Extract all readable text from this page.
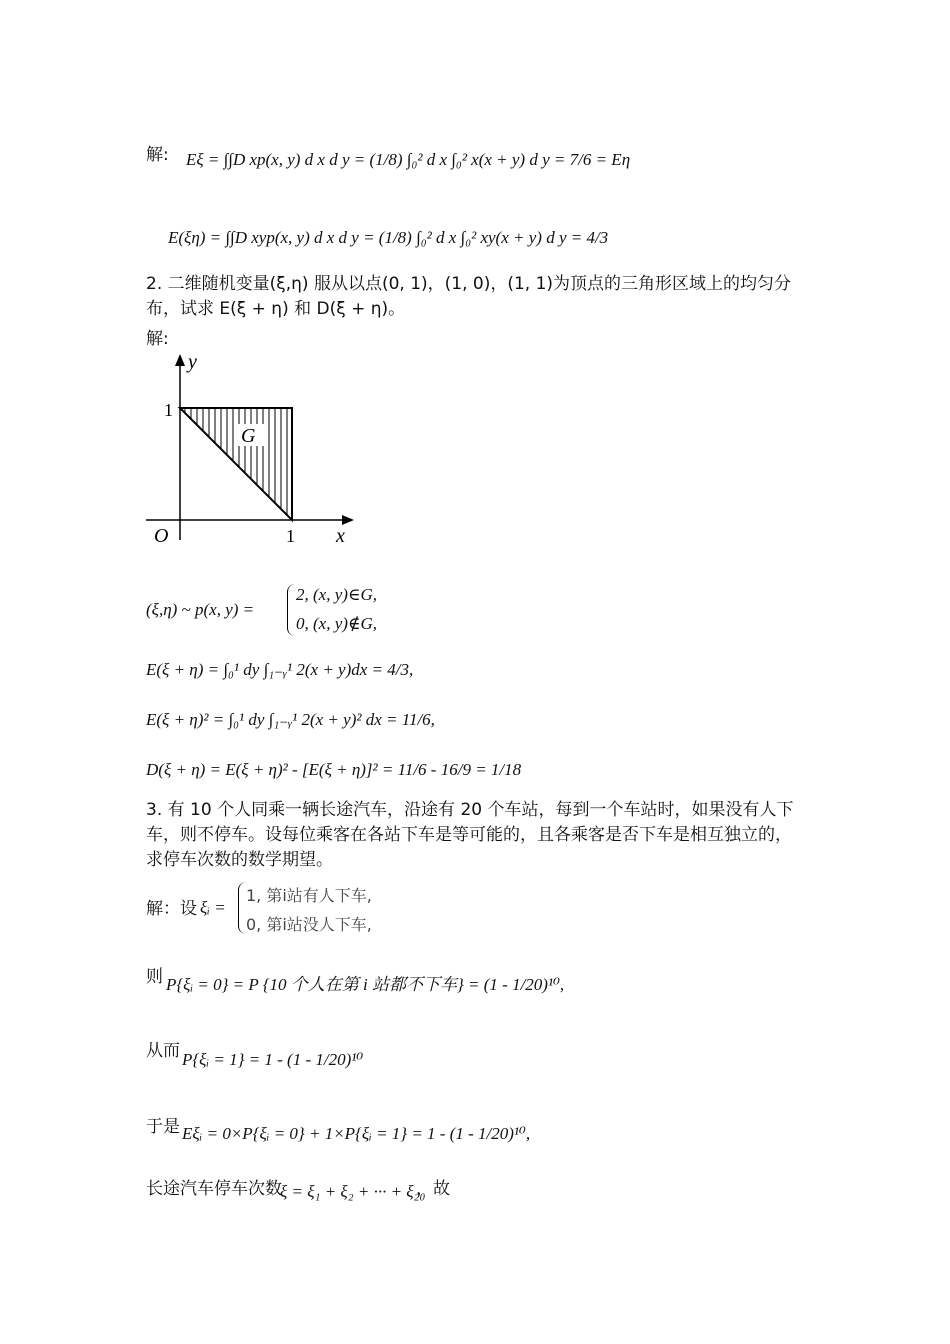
解: Eξ = ∫∫D xp(x, y) d x d y = (1/8) ∫₀² d x ∫₀² x(x + y) d y = 7/6 = Eη
E(ξη) = ∫∫D xyp(x, y) d x d y = (1/8) ∫₀² d x ∫₀² xy(x + y) d y = 4/3
2. 二维随机变量(ξ,η) 服从以点(0, 1)，(1, 0)，(1, 1)为顶点的三角形区域上的均匀分布，试求 E(ξ + η) 和 D(ξ + η)。
解:
y
x
O
1
1
G
(ξ,η) ~ p(x, y) =
2, (x, y)∈G,
0, (x, y)∉G,
E(ξ + η) = ∫₀¹ dy ∫₁₋ᵧ¹ 2(x + y)dx = 4/3,
E(ξ + η)² = ∫₀¹ dy ∫₁₋ᵧ¹ 2(x + y)² dx = 11/6,
D(ξ + η) = E(ξ + η)² - [E(ξ + η)]² = 11/6 - 16/9 = 1/18
3. 有 10 个人同乘一辆长途汽车，沿途有 20 个车站，每到一个车站时，如果没有人下车，则不停车。设每位乘客在各站下车是等可能的，且各乘客是否下车是相互独立的，求停车次数的数学期望。
解：设 ξᵢ =
1, 第i站有人下车,
0, 第i站没人下车,
则 P{ξᵢ = 0} = P {10 个人在第 i 站都不下车} = (1 - 1/20)¹⁰,
从而 P{ξᵢ = 1} = 1 - (1 - 1/20)¹⁰
于是 Eξᵢ = 0×P{ξᵢ = 0} + 1×P{ξᵢ = 1} = 1 - (1 - 1/20)¹⁰,
长途汽车停车次数
ξ = ξ₁ + ξ₂ + ··· + ξ₂₀
，故
